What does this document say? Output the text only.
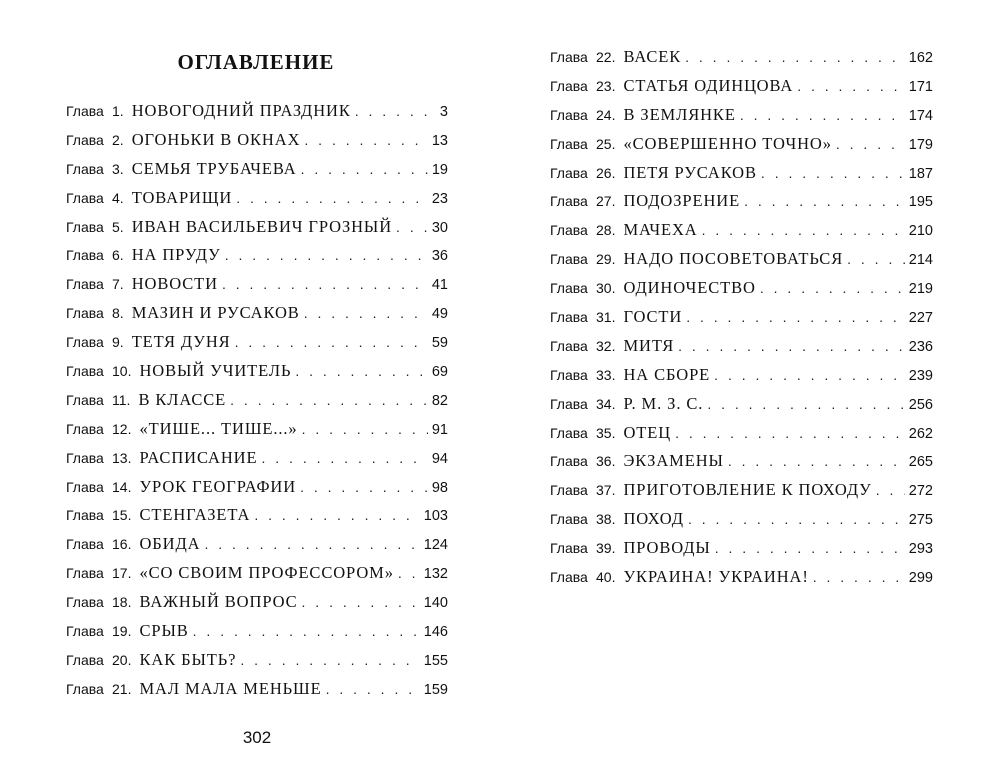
ОГЛАВЛЕНИЕ
Глава 1. НОВОГОДНИЙ ПРАЗДНИК . . .	3
Глава 2. ОГОНЬКИ В ОКНАХ . . .	13
Глава 3. СЕМЬЯ ТРУБАЧЕВА . . .	19
Глава 4. ТОВАРИЩИ . . .	23
Глава 5. ИВАН ВАСИЛЬЕВИЧ ГРОЗНЫЙ . . .	30
Глава 6. НА ПРУДУ . . .	36
Глава 7. НОВОСТИ . . .	41
Глава 8. МАЗИН И РУСАКОВ . . .	49
Глава 9. ТЕТЯ ДУНЯ . . .	59
Глава 10. НОВЫЙ УЧИТЕЛЬ . . .	69
Глава 11. В КЛАССЕ . . .	82
Глава 12. «ТИШЕ... ТИШЕ...» . . .	91
Глава 13. РАСПИСАНИЕ . . .	94
Глава 14. УРОК ГЕОГРАФИИ . . .	98
Глава 15. СТЕНГАЗЕТА . . .	103
Глава 16. ОБИДА . . .	124
Глава 17. «СО СВОИМ ПРОФЕССОРОМ» . . . 132
Глава 18. ВАЖНЫЙ ВОПРОС . . .	140
Глава 19. СРЫВ . . .	146
Глава 20. КАК БЫТЬ? . . .	155
Глава 21. МАЛ МАЛА МЕНЬШЕ . . .	159
Глава 22. ВАСЕК . . .	162
Глава 23. СТАТЬЯ ОДИНЦОВА . . .	171
Глава 24. В ЗЕМЛЯНКЕ . . .	174
Глава 25. «СОВЕРШЕННО ТОЧНО» . . .	179
Глава 26. ПЕТЯ РУСАКОВ . . .	187
Глава 27. ПОДОЗРЕНИЕ . . .	195
Глава 28. МАЧЕХА . . .	210
Глава 29. НАДО ПОСОВЕТОВАТЬСЯ . . .	214
Глава 30. ОДИНОЧЕСТВО . . .	219
Глава 31. ГОСТИ . . .	227
Глава 32. МИТЯ . . .	236
Глава 33. НА СБОРЕ . . .	239
Глава 34. Р. М. З. С. . . .	256
Глава 35. ОТЕЦ . . .	262
Глава 36. ЭКЗАМЕНЫ . . .	265
Глава 37. ПРИГОТОВЛЕНИЕ К ПОХОДУ . . .	272
Глава 38. ПОХОД . . .	275
Глава 39. ПРОВОДЫ . . .	293
Глава 40. УКРАИНА! УКРАИНА! . . .	299
302
